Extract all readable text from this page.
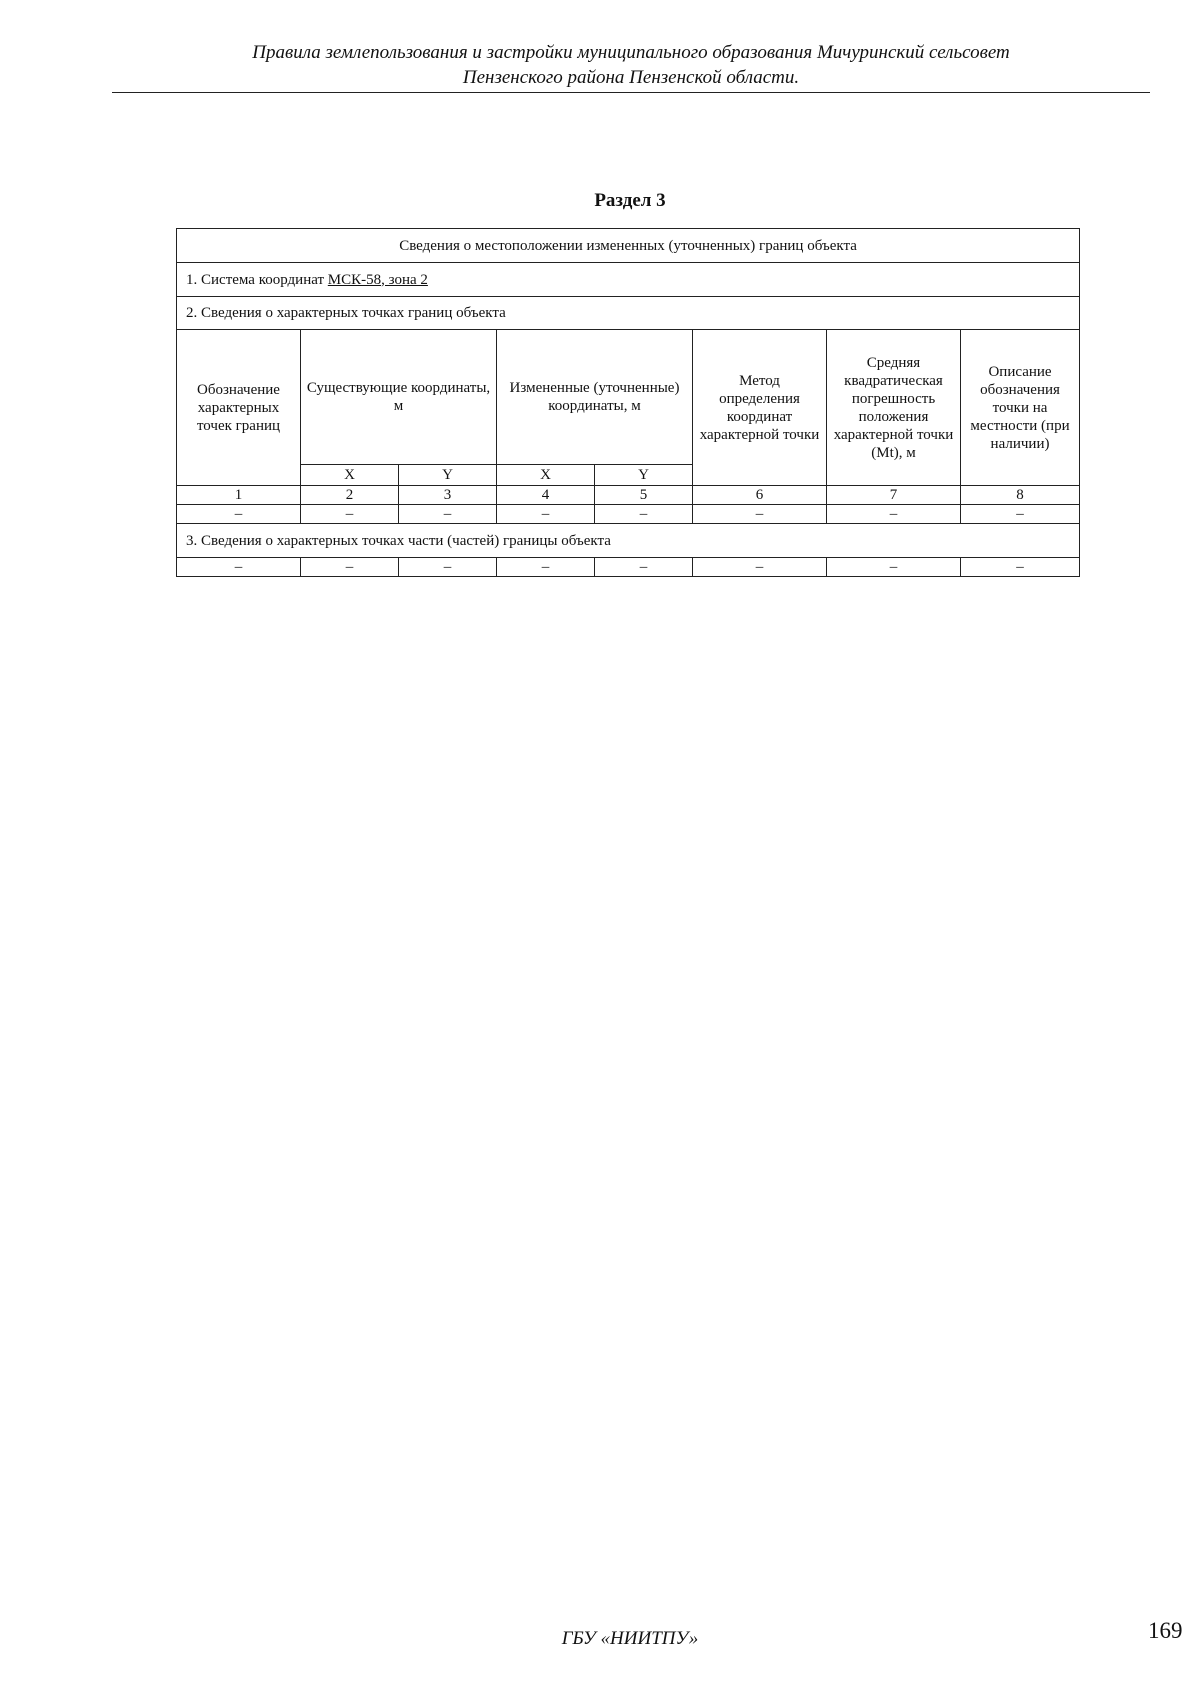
Правила землепользования и застройки муниципального образования Мичуринский сельсовет
Пензенского района Пензенской области.
Раздел 3
Сведения о местоположении измененных (уточненных) границ объекта							
1. Система координат МСК-58, зона 2							
2. Сведения о характерных точках границ объекта							
Обозначение характерных точек границ	Существующие координаты, м		Измененные (уточненные) координаты, м		Метод определения координат характерной точки	Средняя квадратическая погрешность положения характерной точки (Mt), м	Описание обозначения точки на местности (при наличии)
	X	Y	X	Y			
1	2	3	4	5	6	7	8
–	–	–	–	–	–	–	–
3. Сведения о характерных точках части (частей) границы объекта							
–	–	–	–	–	–	–	–
ГБУ «НИИТПУ»	169
